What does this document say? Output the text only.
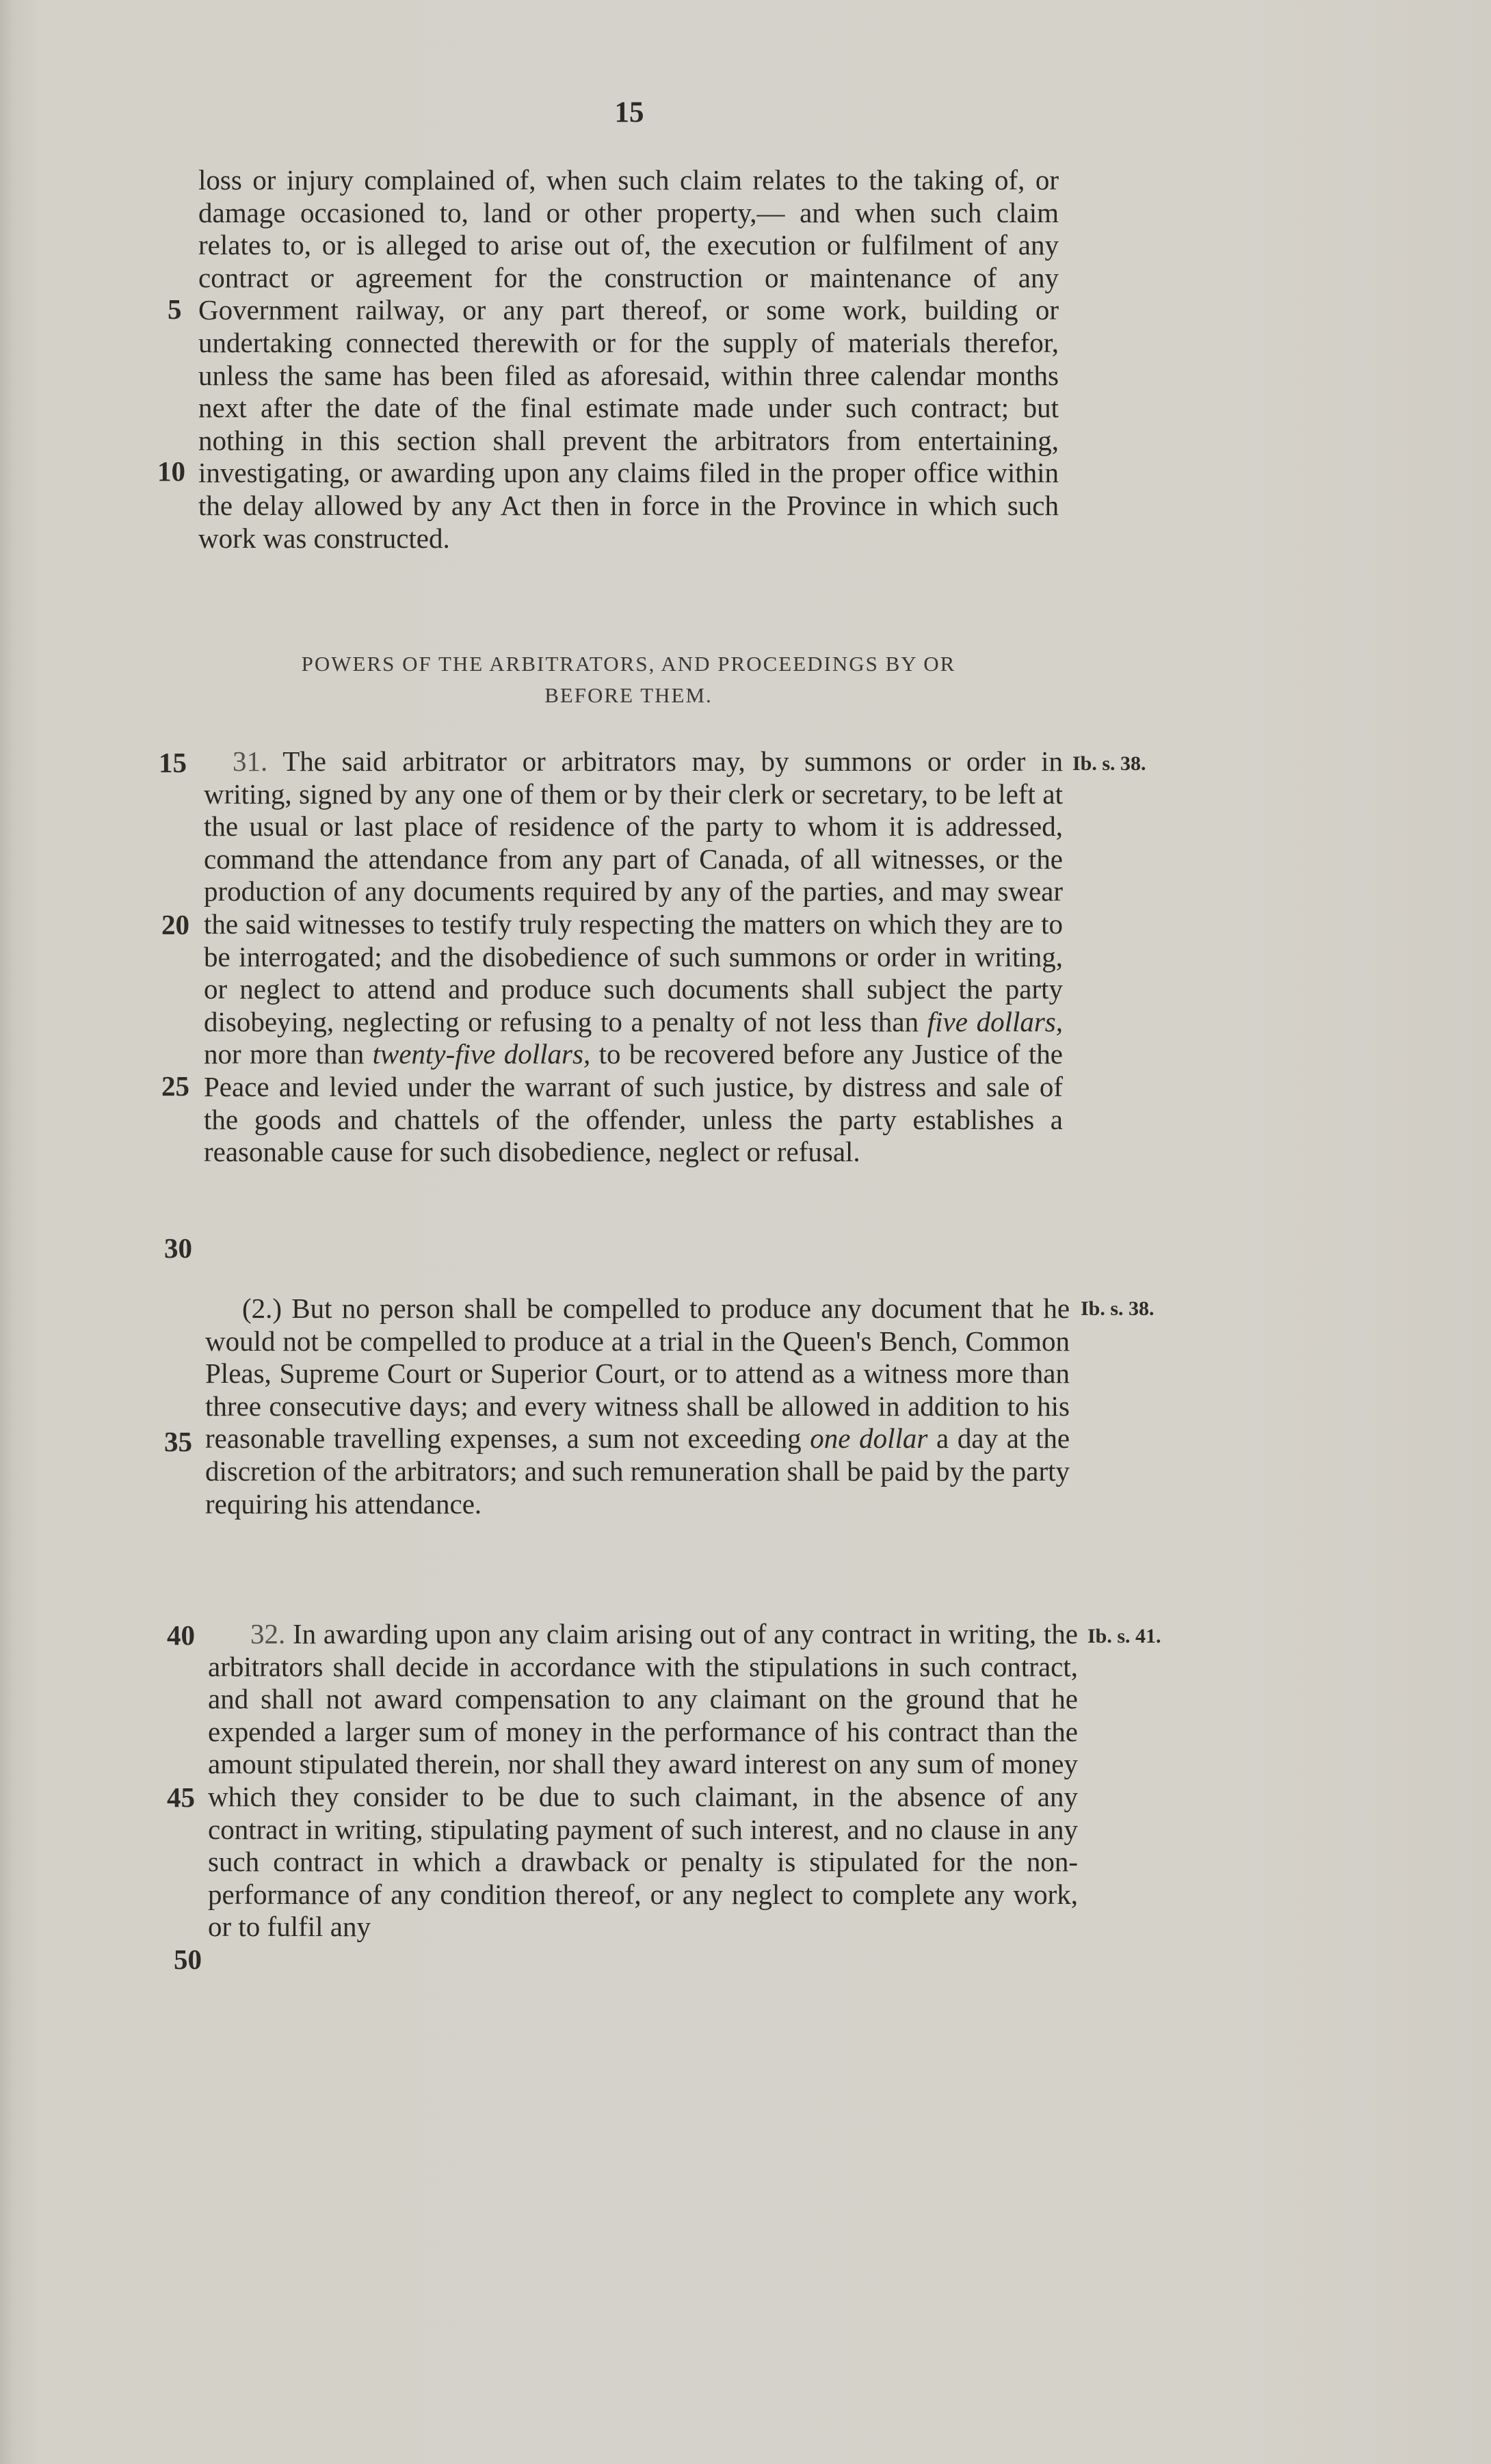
15
5
10
15
20
25
30
35
40
45
50
Ib. s. 38.
Ib. s. 38.
Ib. s. 41.
loss or injury complained of, when such claim relates to the taking of, or damage occasioned to, land or other property,— and when such claim relates to, or is alleged to arise out of, the execution or fulfilment of any contract or agreement for the construction or maintenance of any Government railway, or any part thereof, or some work, building or undertaking connected therewith or for the supply of materials therefor, unless the same has been filed as aforesaid, within three calendar months next after the date of the final estimate made under such contract; but nothing in this section shall prevent the arbitrators from entertaining, investigating, or awarding upon any claims filed in the proper office within the delay allowed by any Act then in force in the Province in which such work was constructed.
POWERS OF THE ARBITRATORS, AND PROCEEDINGS BY OR
BEFORE THEM.
31. The said arbitrator or arbitrators may, by summons or order in writing, signed by any one of them or by their clerk or secretary, to be left at the usual or last place of residence of the party to whom it is addressed, command the attendance from any part of Canada, of all witnesses, or the production of any documents required by any of the parties, and may swear the said witnesses to testify truly respecting the matters on which they are to be interrogated; and the disobedience of such summons or order in writing, or neglect to attend and produce such documents shall subject the party disobeying, neglecting or refusing to a penalty of not less than five dollars, nor more than twenty-five dollars, to be recovered before any Justice of the Peace and levied under the warrant of such justice, by distress and sale of the goods and chattels of the offender, unless the party establishes a reasonable cause for such disobedience, neglect or refusal.
(2.) But no person shall be compelled to produce any document that he would not be compelled to produce at a trial in the Queen's Bench, Common Pleas, Supreme Court or Superior Court, or to attend as a witness more than three consecutive days; and every witness shall be allowed in addition to his reasonable travelling expenses, a sum not exceeding one dollar a day at the discretion of the arbitrators; and such remuneration shall be paid by the party requiring his attendance.
32. In awarding upon any claim arising out of any contract in writing, the arbitrators shall decide in accordance with the stipulations in such contract, and shall not award compensation to any claimant on the ground that he expended a larger sum of money in the performance of his contract than the amount stipulated therein, nor shall they award interest on any sum of money which they consider to be due to such claimant, in the absence of any contract in writing, stipulating payment of such interest, and no clause in any such contract in which a drawback or penalty is stipulated for the non-performance of any condition thereof, or any neglect to complete any work, or to fulfil any
